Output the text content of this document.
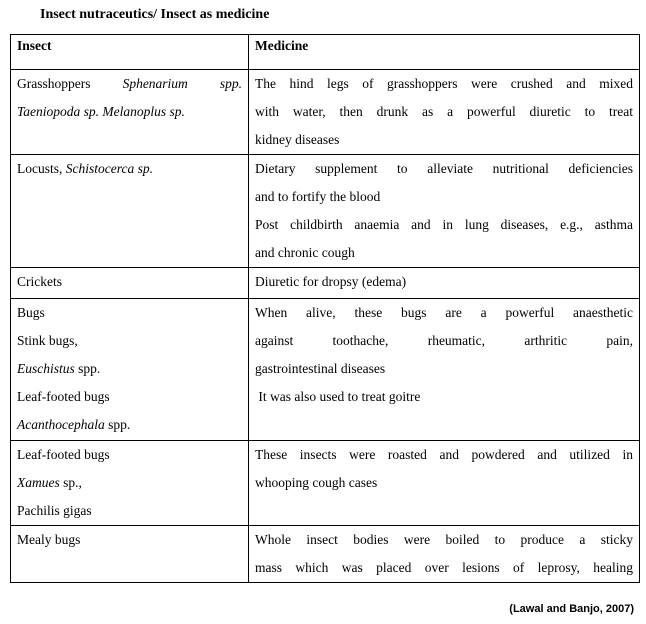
Insect nutraceutics/ Insect as medicine
Insect	Medicine

Grasshoppers Sphenarium spp.
Taeniopoda sp. Melanoplus sp.	The hind legs of grasshoppers were crushed and mixed
with water, then drunk as a powerful diuretic to treat
kidney diseases

Locusts, Schistocerca sp.	Dietary supplement to alleviate nutritional deficiencies
and to fortify the blood
Post childbirth anaemia and in lung diseases, e.g., asthma
and chronic cough

Crickets	Diuretic for dropsy (edema)

Bugs
Stink bugs,
Euschistus spp.
Leaf-footed bugs
Acanthocephala spp.	When alive, these bugs are a powerful anaesthetic
against toothache, rheumatic, arthritic pain,
gastrointestinal diseases
It was also used to treat goitre

Leaf-footed bugs
Xamues sp.,
Pachilis gigas	These insects were roasted and powdered and utilized in
whooping cough cases

Mealy bugs	Whole insect bodies were boiled to produce a sticky
mass which was placed over lesions of leprosy, healing
(Lawal and Banjo, 2007)
